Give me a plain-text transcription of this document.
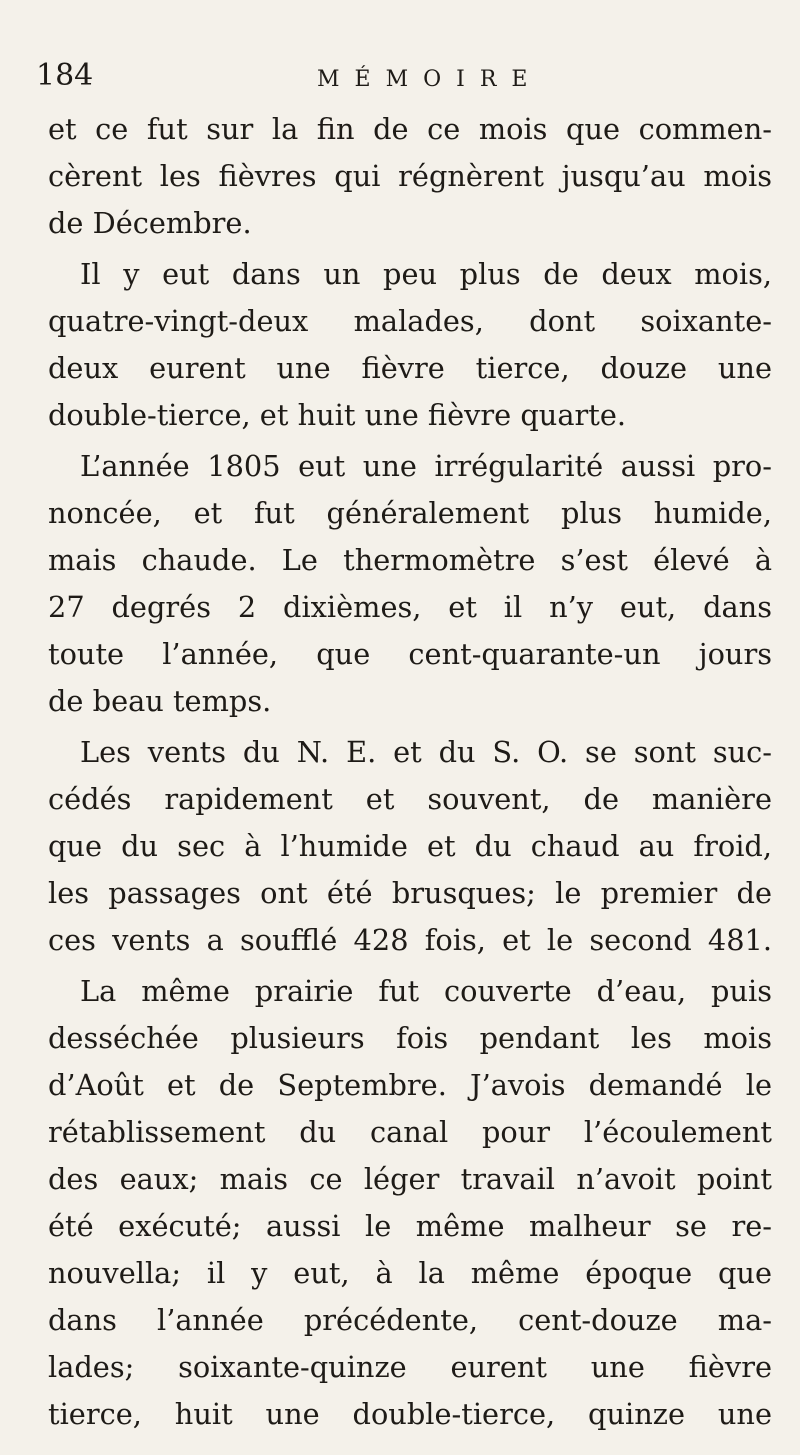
184	MÉMOIRE
et ce fut sur la fin de ce mois que commen-
cèrent les fièvres qui régnèrent jusqu’au mois
de Décembre.
Il y eut dans un peu plus de deux mois,
quatre-vingt-deux malades, dont soixante-
deux eurent une fièvre tierce, douze une
double-tierce, et huit une fièvre quarte.
L’année 1805 eut une irrégularité aussi pro-
noncée, et fut généralement plus humide,
mais chaude. Le thermomètre s’est élevé à
27 degrés 2 dixièmes, et il n’y eut, dans
toute l’année, que cent-quarante-un jours
de beau temps.
Les vents du N. E. et du S. O. se sont suc-
cédés rapidement et souvent, de manière
que du sec à l’humide et du chaud au froid,
les passages ont été brusques; le premier de
ces vents a soufflé 428 fois, et le second 481.
La même prairie fut couverte d’eau, puis
desséchée plusieurs fois pendant les mois
d’Août et de Septembre. J’avois demandé le
rétablissement du canal pour l’écoulement
des eaux; mais ce léger travail n’avoit point
été exécuté; aussi le même malheur se re-
nouvella; il y eut, à la même époque que
dans l’année précédente, cent-douze ma-
lades; soixante-quinze eurent une fièvre
tierce, huit une double-tierce, quinze une
